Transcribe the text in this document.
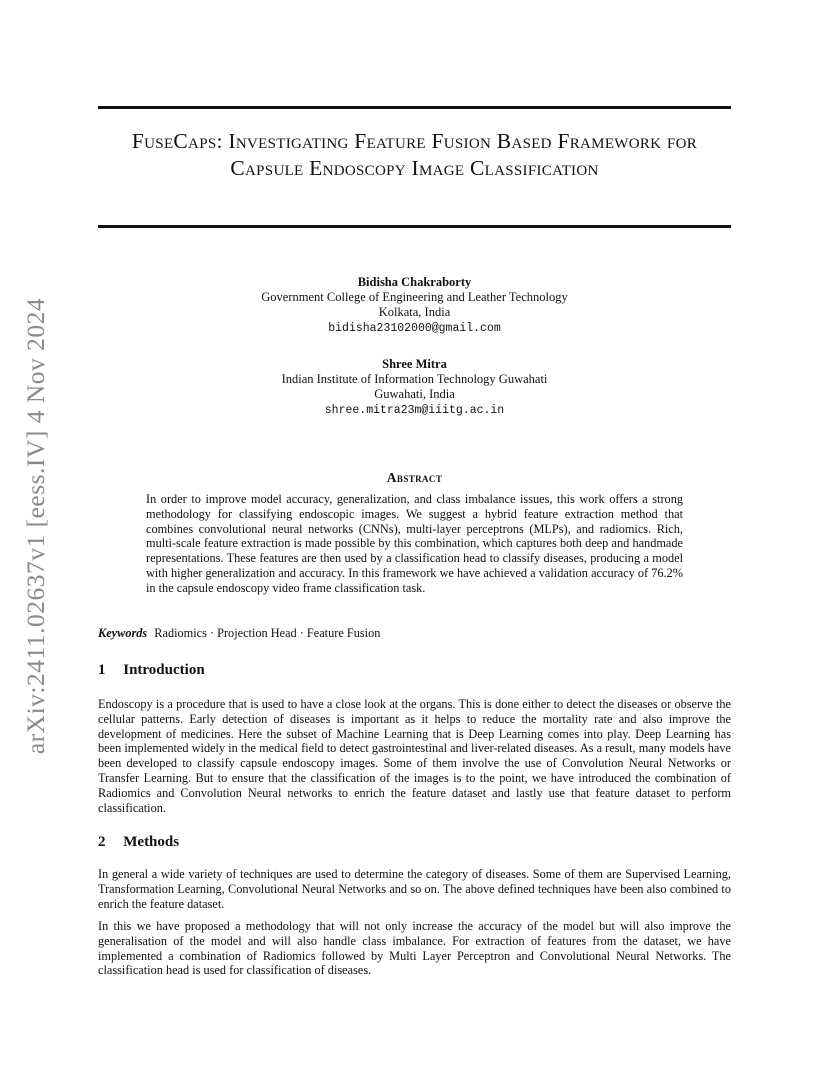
arXiv:2411.02637v1 [eess.IV] 4 Nov 2024
FuseCaps: Investigating Feature Fusion Based Framework for Capsule Endoscopy Image Classification
Bidisha Chakraborty
Government College of Engineering and Leather Technology
Kolkata, India
bidisha23102000@gmail.com
Shree Mitra
Indian Institute of Information Technology Guwahati
Guwahati, India
shree.mitra23m@iiitg.ac.in
Abstract

In order to improve model accuracy, generalization, and class imbalance issues, this work offers a strong methodology for classifying endoscopic images. We suggest a hybrid feature extraction method that combines convolutional neural networks (CNNs), multi-layer perceptrons (MLPs), and radiomics. Rich, multi-scale feature extraction is made possible by this combination, which captures both deep and handmade representations. These features are then used by a classification head to classify diseases, producing a model with higher generalization and accuracy. In this framework we have achieved a validation accuracy of 76.2% in the capsule endoscopy video frame classification task.

Keywords Radiomics · Projection Head · Feature Fusion

1 Introduction

Endoscopy is a procedure that is used to have a close look at the organs. This is done either to detect the diseases or observe the cellular patterns. Early detection of diseases is important as it helps to reduce the mortality rate and also improve the development of medicines. Here the subset of Machine Learning that is Deep Learning comes into play. Deep Learning has been implemented widely in the medical field to detect gastrointestinal and liver-related diseases. As a result, many models have been developed to classify capsule endoscopy images. Some of them involve the use of Convolution Neural Networks or Transfer Learning. But to ensure that the classification of the images is to the point, we have introduced the combination of Radiomics and Convolution Neural networks to enrich the feature dataset and lastly use that feature dataset to perform classification.

2 Methods

In general a wide variety of techniques are used to determine the category of diseases. Some of them are Supervised Learning, Transformation Learning, Convolutional Neural Networks and so on. The above defined techniques have been also combined to enrich the feature dataset.

In this we have proposed a methodology that will not only increase the accuracy of the model but will also improve the generalisation of the model and will also handle class imbalance. For extraction of features from the dataset, we have implemented a combination of Radiomics followed by Multi Layer Perceptron and Convolutional Neural Networks. The classification head is used for classification of diseases.
